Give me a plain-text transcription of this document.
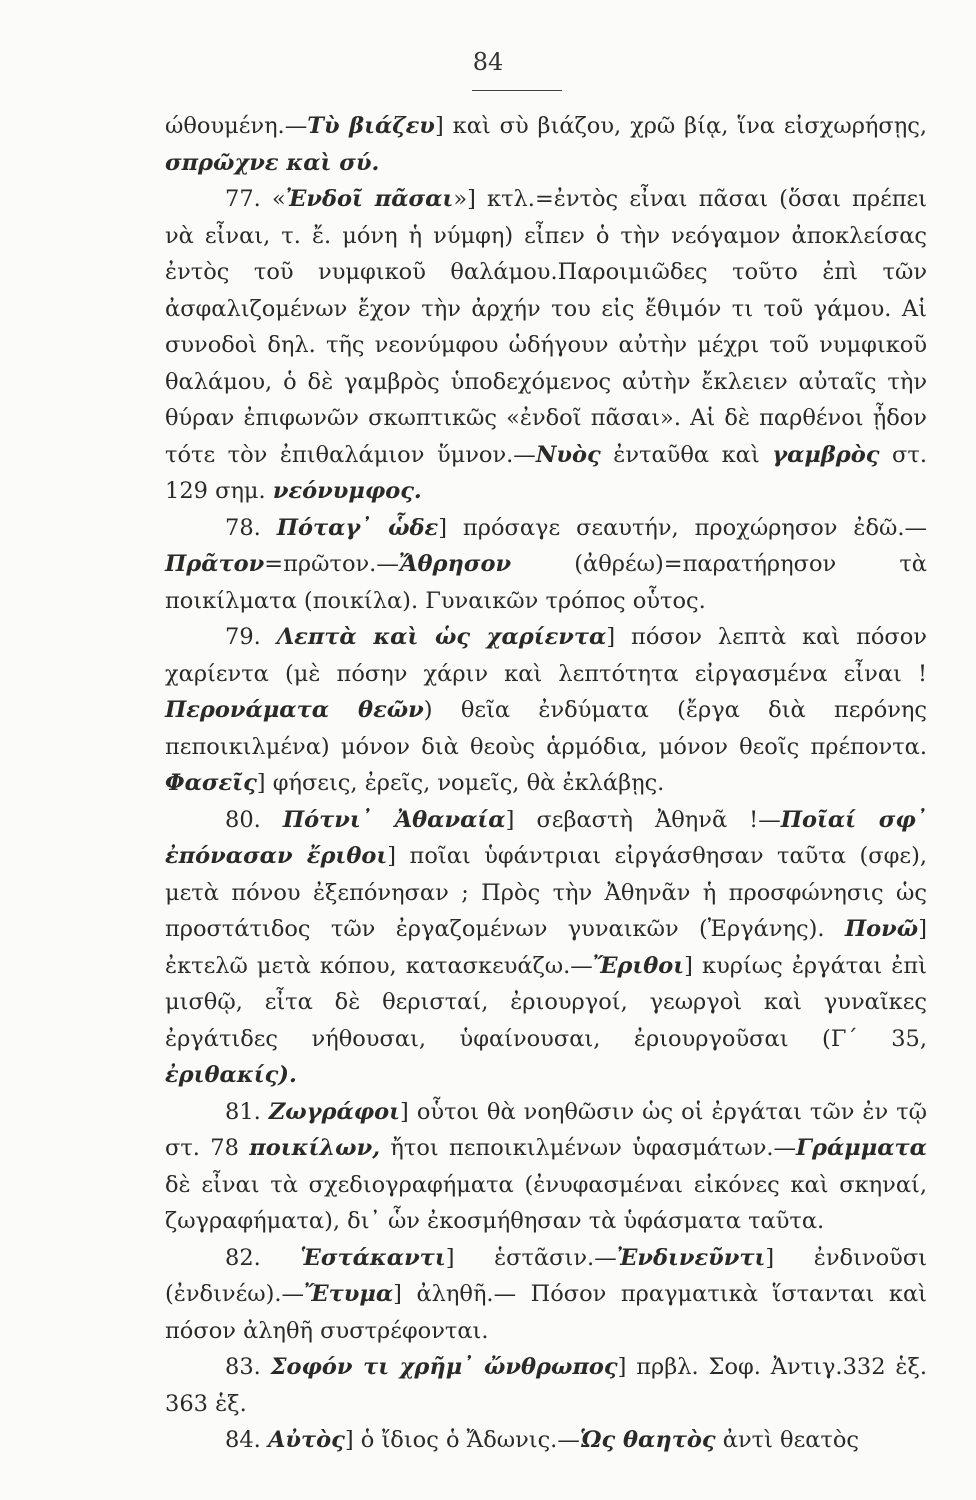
84

ώθουμένη.—Τὺ βιάζευ] καὶ σὺ βιάζου, χρῶ βίᾳ, ἵνα εἰσχωρήσῃς, σπρῶχνε καὶ σύ.

77. «Ἐνδοῖ πᾶσαι»] κτλ.=ἐντὸς εἶναι πᾶσαι (ὅσαι πρέπει νὰ εἶναι, τ. ἔ. μόνη ἡ νύμφη) εἶπεν ὁ τὴν νεόγαμον ἀποκλείσας ἐντὸς τοῦ νυμφικοῦ θαλάμου.Παροιμιῶδες τοῦτο ἐπὶ τῶν ἀσφαλιζομένων ἔχον τὴν ἀρχήν του εἰς ἔθιμόν τι τοῦ γάμου. Αἱ συνοδοὶ δηλ. τῆς νεονύμφου ὡδήγουν αὐτὴν μέχρι τοῦ νυμφικοῦ θαλάμου, ὁ δὲ γαμβρὸς ὑποδεχόμενος αὐτὴν ἔκλειεν αὐταῖς τὴν θύραν ἐπιφωνῶν σκωπτικῶς «ἐνδοῖ πᾶσαι». Αἱ δὲ παρθένοι ᾖδον τότε τὸν ἐπιθαλάμιον ὕμνον.—Νυὸς ἐνταῦθα καὶ γαμβρὸς στ. 129 σημ. νεόνυμφος.

78. Πόταγ᾽ ὧδε] πρόσαγε σεαυτήν, προχώρησον ἐδῶ.—Πρᾶτον=πρῶτον.—Ἄθρησον (ἀθρέω)=παρατήρησον τὰ ποικίλματα (ποικίλα). Γυναικῶν τρόπος οὗτος.

79. Λεπτὰ καὶ ὡς χαρίεντα] πόσον λεπτὰ καὶ πόσον χαρίεντα (μὲ πόσην χάριν καὶ λεπτότητα εἰργασμένα εἶναι ! Περονάματα θεῶν) θεῖα ἐνδύματα (ἔργα διὰ περόνης πεποικιλμένα) μόνον διὰ θεοὺς ἁρμόδια, μόνον θεοῖς πρέποντα. Φασεῖς] φήσεις, ἐρεῖς, νομεῖς, θὰ ἐκλάβῃς.

80. Πότνι᾽ Ἀθαναία] σεβαστὴ Ἀθηνᾶ !—Ποῖαί σφ᾽ ἐπόνασαν ἔριθοι] ποῖαι ὑφάντριαι εἰργάσθησαν ταῦτα (σφε), μετὰ πόνου ἐξεπόνησαν ; Πρὸς τὴν Ἀθηνᾶν ἡ προσφώνησις ὡς προστάτιδος τῶν ἐργαζομένων γυναικῶν (Ἐργάνης). Πονῶ] ἐκτελῶ μετὰ κόπου, κατασκευάζω.—Ἔριθοι] κυρίως ἐργάται ἐπὶ μισθῷ, εἶτα δὲ θερισταί, ἐριουργοί, γεωργοὶ καὶ γυναῖκες ἐργάτιδες νήθουσαι, ὑφαίνουσαι, ἐριουργοῦσαι (Γ´ 35, ἐριθακίς).

81. Ζωγράφοι] οὗτοι θὰ νοηθῶσιν ὡς οἱ ἐργάται τῶν ἐν τῷ στ. 78 ποικίλων, ἤτοι πεποικιλμένων ὑφασμάτων.—Γράμματα δὲ εἶναι τὰ σχεδιογραφήματα (ἐνυφασμέναι εἰκόνες καὶ σκηναί, ζωγραφήματα), δι᾽ ὧν ἐκοσμήθησαν τὰ ὑφάσματα ταῦτα.

82. Ἑστάκαντι] ἑστᾶσιν.—Ἐνδινεῦντι] ἐνδινοῦσι (ἐνδινέω).—Ἔτυμα] ἀληθῆ.— Πόσον πραγματικὰ ἵστανται καὶ πόσον ἀληθῆ συστρέφονται.

83. Σοφόν τι χρῆμ᾽ ὤνθρωπος] πρβλ. Σοφ. Ἀντιγ.332 ἑξ. 363 ἑξ.

84. Αὐτὸς] ὁ ἴδιος ὁ Ἄδωνις.—Ὡς θαητὸς ἀντὶ θεατὸς
